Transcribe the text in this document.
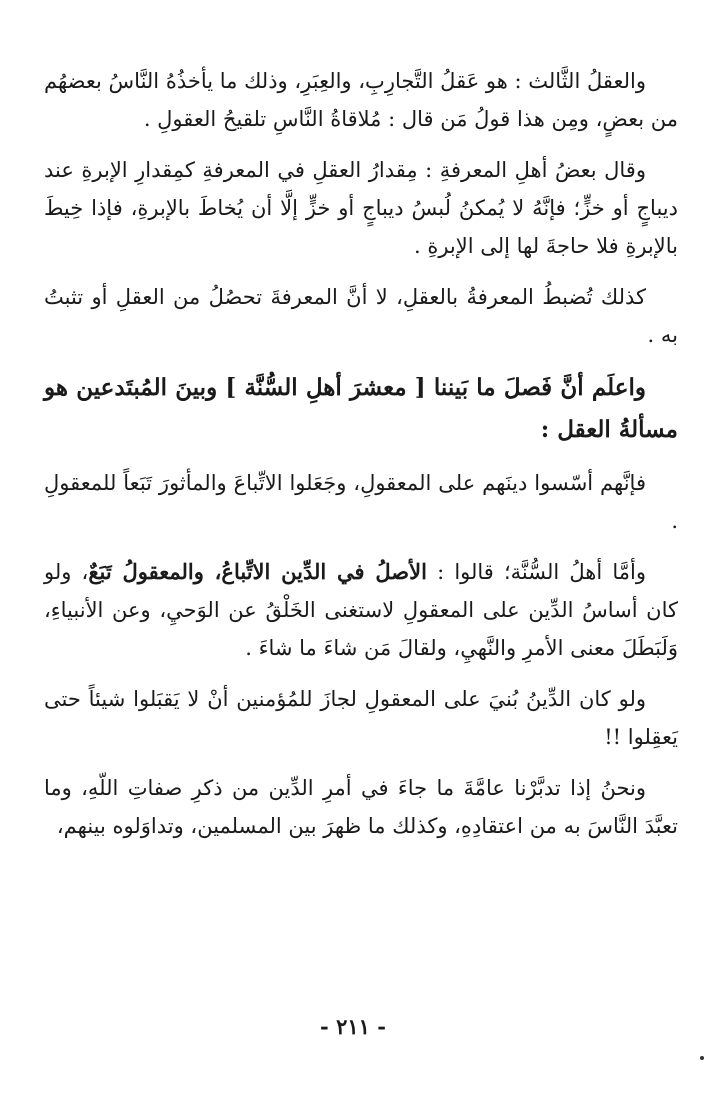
والعقلُ الثَّالث : هو عَقلُ التَّجارِبِ، والعِبَرِ، وذلك ما يأخذُهُ النَّاسُ بعضهُم من بعضٍ، ومِن هذا قولُ مَن قال : مُلاقاةُ النَّاسِ تلقيحُ العقولِ .

وقال بعضُ أهلِ المعرفةِ : مِقدارُ العقلِ في المعرفةِ كمِقدارِ الإبرةِ عند ديباجٍ أو خزٍّ؛ فإنَّهُ لا يُمكنُ لُبسُ ديباجٍ أو خزٍّ إلَّا أن يُخاطَ بالإبرةِ، فإذا خِيطَ بالإبرةِ فلا حاجةَ لها إلى الإبرةِ .

كذلك تُضبطُ المعرفةُ بالعقلِ، لا أنَّ المعرفةَ تحصُلُ من العقلِ أو تثبتُ به .

واعلَم أنَّ فَصلَ ما بَيننا [ معشرَ أهلِ السُّنَّة ] وبينَ المُبتَدعين هو مسألةُ العقل :

فإنَّهم أسّسوا دينَهم على المعقولِ، وجَعَلوا الاتِّباعَ والمأثورَ تَبَعاً للمعقولِ .

وأمَّا أهلُ السُّنَّة؛ قالوا : الأصلُ في الدِّين الاتِّباعُ، والمعقولُ تَبَعٌ، ولو كان أساسُ الدِّين على المعقولِ لاستغنى الخَلْقُ عن الوَحيِ، وعن الأنبياءِ، وَلَبَطَلَ معنى الأمرِ والنَّهيِ، ولقالَ مَن شاءَ ما شاءَ .

ولو كان الدِّينُ بُنيَ على المعقولِ لجازَ للمُؤمنين أنْ لا يَقبَلوا شيئاً حتى يَعقِلوا !!

ونحنُ إذا تدبَّرْنا عامَّةَ ما جاءَ في أمرِ الدِّين من ذكرِ صفاتِ اللّهِ، وما تعبَّدَ النَّاسَ به من اعتقادِهِ، وكذلك ما ظهرَ بين المسلمين، وتداوَلوه بينهم،

- ٢١١ -
